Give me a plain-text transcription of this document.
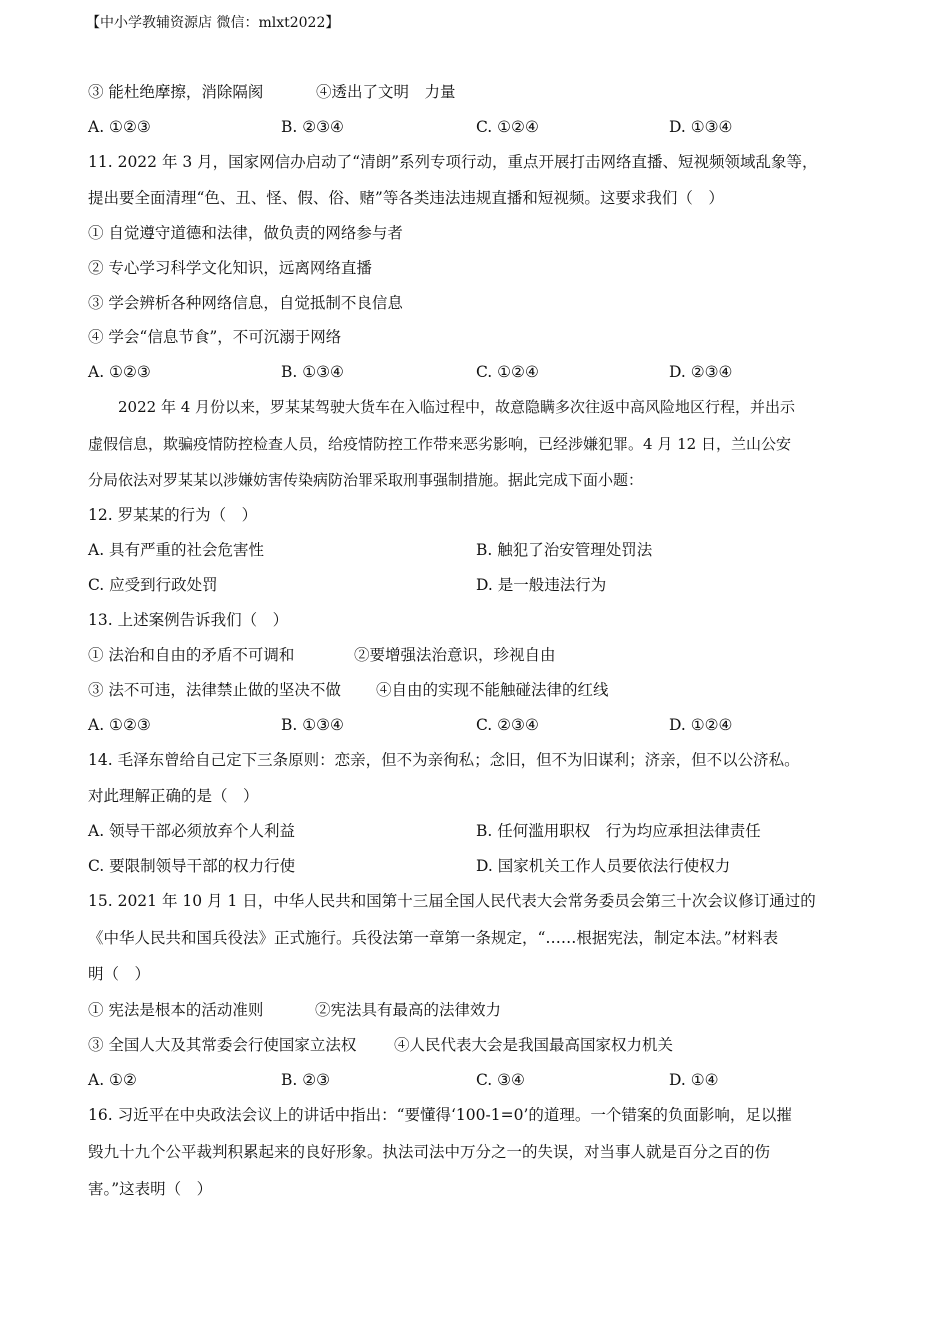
【中小学教辅资源店 微信：mlxt2022】
③ 能杜绝摩擦，消除隔阂	④透出了文明　力量
A. ①②③	B. ②③④	C. ①②④	D. ①③④
11. 2022 年 3 月，国家网信办启动了“清朗”系列专项行动，重点开展打击网络直播、短视频领域乱象等，
提出要全面清理“色、丑、怪、假、俗、赌”等各类违法违规直播和短视频。这要求我们（　）
① 自觉遵守道德和法律，做负责的网络参与者
② 专心学习科学文化知识，远离网络直播
③ 学会辨析各种网络信息，自觉抵制不良信息
④ 学会“信息节食”，不可沉溺于网络
A. ①②③	B. ①③④	C. ①②④	D. ②③④
2022 年 4 月份以来，罗某某驾驶大货车在入临过程中，故意隐瞒多次往返中高风险地区行程，并出示
虚假信息，欺骗疫情防控检查人员，给疫情防控工作带来恶劣影响，已经涉嫌犯罪。4 月 12 日，兰山公安
分局依法对罗某某以涉嫌妨害传染病防治罪采取刑事强制措施。据此完成下面小题：
12. 罗某某的行为（　）
A. 具有严重的社会危害性	B. 触犯了治安管理处罚法
C. 应受到行政处罚	D. 是一般违法行为
13. 上述案例告诉我们（　）
① 法治和自由的矛盾不可调和	②要增强法治意识，珍视自由
③ 法不可违，法律禁止做的坚决不做 ④自由的实现不能触碰法律的红线
A. ①②③	B. ①③④	C. ②③④	D. ①②④
14. 毛泽东曾给自己定下三条原则：恋亲，但不为亲徇私；念旧，但不为旧谋利；济亲，但不以公济私。
对此理解正确的是（　）
A. 领导干部必须放弃个人利益	B. 任何滥用职权　行为均应承担法律责任
C. 要限制领导干部的权力行使	D. 国家机关工作人员要依法行使权力
15. 2021 年 10 月 1 日，中华人民共和国第十三届全国人民代表大会常务委员会第三十次会议修订通过的
《中华人民共和国兵役法》正式施行。兵役法第一章第一条规定，“……根据宪法，制定本法。”材料表
明（　）
① 宪法是根本的活动准则	②宪法具有最高的法律效力
③ 全国人大及其常委会行使国家立法权 ④人民代表大会是我国最高国家权力机关
A. ①②	B. ②③	C. ③④	D. ①④
16. 习近平在中央政法会议上的讲话中指出：“要懂得‘100-1=0’的道理。一个错案的负面影响，足以摧
毁九十九个公平裁判积累起来的良好形象。执法司法中万分之一的失误，对当事人就是百分之百的伤
害。”这表明（　）
